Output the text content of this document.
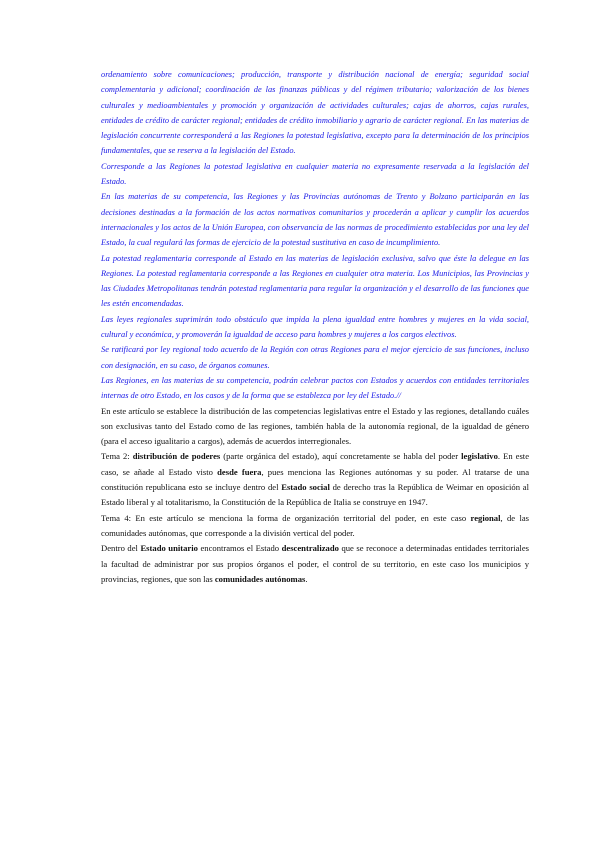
ordenamiento sobre comunicaciones; producción, transporte y distribución nacional de energía; seguridad social complementaria y adicional; coordinación de las finanzas públicas y del régimen tributario; valorización de los bienes culturales y medioambientales y promoción y organización de actividades culturales; cajas de ahorros, cajas rurales, entidades de crédito de carácter regional; entidades de crédito inmobiliario y agrario de carácter regional. En las materias de legislación concurrente corresponderá a las Regiones la potestad legislativa, excepto para la determinación de los principios fundamentales, que se reserva a la legislación del Estado.

Corresponde a las Regiones la potestad legislativa en cualquier materia no expresamente reservada a la legislación del Estado.

En las materias de su competencia, las Regiones y las Provincias autónomas de Trento y Bolzano participarán en las decisiones destinadas a la formación de los actos normativos comunitarios y procederán a aplicar y cumplir los acuerdos internacionales y los actos de la Unión Europea, con observancia de las normas de procedimiento establecidas por una ley del Estado, la cual regulará las formas de ejercicio de la potestad sustitutiva en caso de incumplimiento.

La potestad reglamentaria corresponde al Estado en las materias de legislación exclusiva, salvo que éste la delegue en las Regiones. La potestad reglamentaria corresponde a las Regiones en cualquier otra materia. Los Municipios, las Provincias y las Ciudades Metropolitanas tendrán potestad reglamentaria para regular la organización y el desarrollo de las funciones que les estén encomendadas.

Las leyes regionales suprimirán todo obstáculo que impida la plena igualdad entre hombres y mujeres en la vida social, cultural y económica, y promoverán la igualdad de acceso para hombres y mujeres a los cargos electivos.

Se ratificará por ley regional todo acuerdo de la Región con otras Regiones para el mejor ejercicio de sus funciones, incluso con designación, en su caso, de órganos comunes.

Las Regiones, en las materias de su competencia, podrán celebrar pactos con Estados y acuerdos con entidades territoriales internas de otro Estado, en los casos y de la forma que se establezca por ley del Estado.//

En este artículo se establece la distribución de las competencias legislativas entre el Estado y las regiones, detallando cuáles son exclusivas tanto del Estado como de las regiones, también habla de la autonomía regional, de la igualdad de género (para el acceso igualitario a cargos), además de acuerdos interregionales.

Tema 2: distribución de poderes (parte orgánica del estado), aquí concretamente se habla del poder legislativo. En este caso, se añade al Estado visto desde fuera, pues menciona las Regiones autónomas y su poder. Al tratarse de una constitución republicana esto se incluye dentro del Estado social de derecho tras la República de Weimar en oposición al Estado liberal y al totalitarismo, la Constitución de la República de Italia se construye en 1947.

Tema 4: En este artículo se menciona la forma de organización territorial del poder, en este caso regional, de las comunidades autónomas, que corresponde a la división vertical del poder.

Dentro del Estado unitario encontramos el Estado descentralizado que se reconoce a determinadas entidades territoriales la facultad de administrar por sus propios órganos el poder, el control de su territorio, en este caso los municipios y provincias, regiones, que son las comunidades autónomas.
